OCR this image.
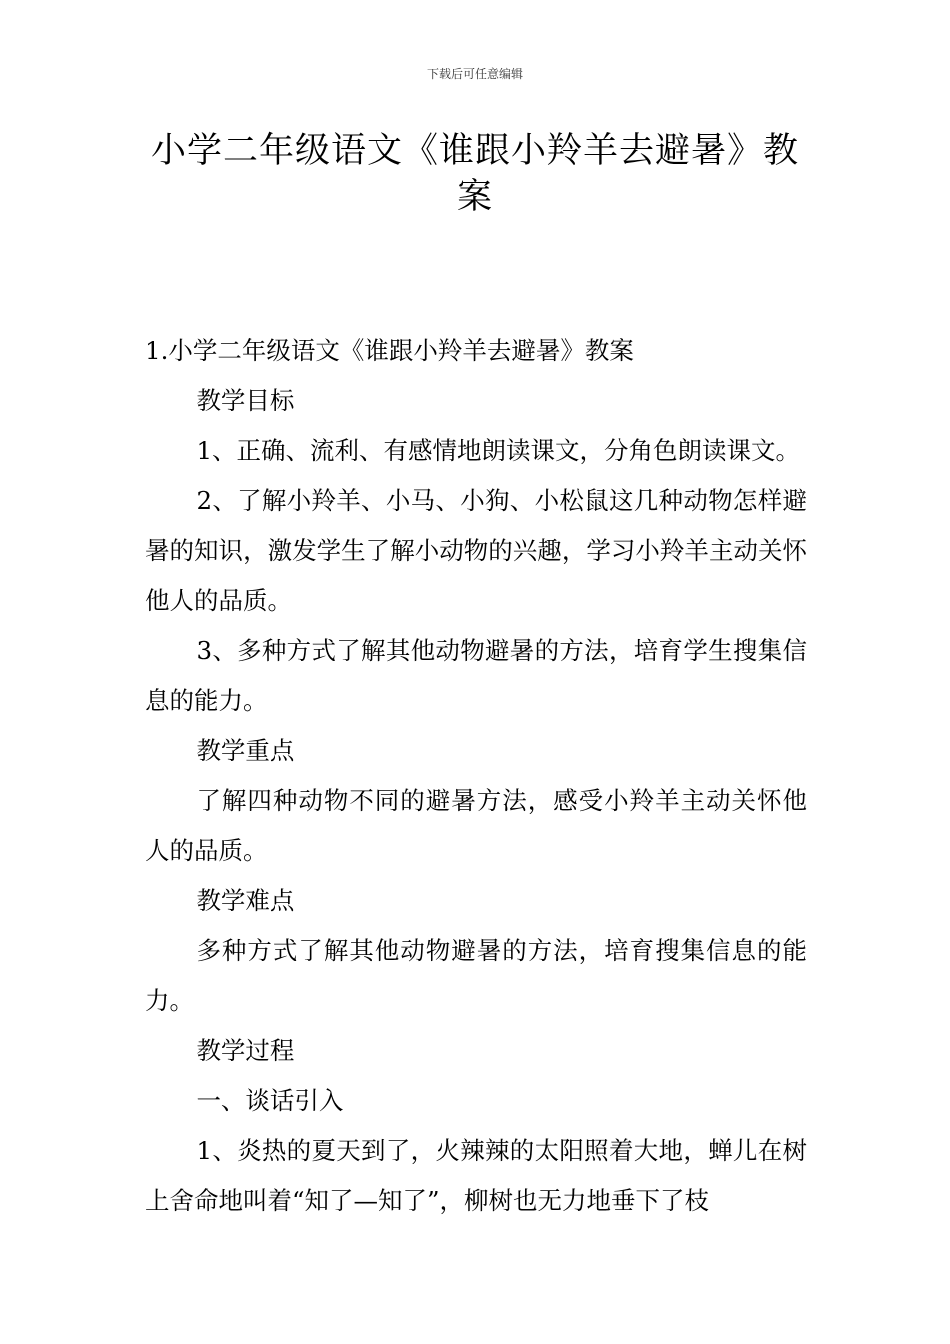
下载后可任意编辑
小学二年级语文《谁跟小羚羊去避暑》教案

1.小学二年级语文《谁跟小羚羊去避暑》教案

教学目标

1、正确、流利、有感情地朗读课文，分角色朗读课文。

2、了解小羚羊、小马、小狗、小松鼠这几种动物怎样避暑的知识，激发学生了解小动物的兴趣，学习小羚羊主动关怀他人的品质。

3、多种方式了解其他动物避暑的方法，培育学生搜集信息的能力。

教学重点

了解四种动物不同的避暑方法，感受小羚羊主动关怀他人的品质。

教学难点

多种方式了解其他动物避暑的方法，培育搜集信息的能力。

教学过程

一、谈话引入

1、炎热的夏天到了，火辣辣的太阳照着大地，蝉儿在树上舍命地叫着“知了—知了”，柳树也无力地垂下了枝
